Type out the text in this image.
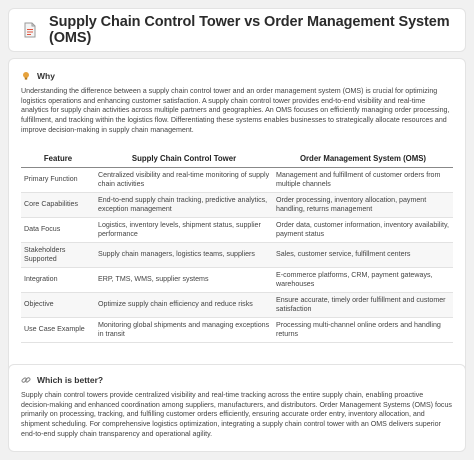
Supply Chain Control Tower vs Order Management System (OMS)
Why

Understanding the difference between a supply chain control tower and an order management system (OMS) is crucial for optimizing logistics operations and enhancing customer satisfaction. A supply chain control tower provides end-to-end visibility and real-time analytics for supply chain activities across multiple partners and geographies. An OMS focuses on efficiently managing order processing, fulfillment, and tracking within the logistics flow. Differentiating these systems enables businesses to strategically allocate resources and improve decision-making in supply chain management.

Feature	Supply Chain Control Tower	Order Management System (OMS)
Primary Function	Centralized visibility and real-time monitoring of supply chain activities	Management and fulfillment of customer orders from multiple channels
Core Capabilities	End-to-end supply chain tracking, predictive analytics, exception management	Order processing, inventory allocation, payment handling, returns management
Data Focus	Logistics, inventory levels, shipment status, supplier performance	Order data, customer information, inventory availability, payment status
Stakeholders Supported	Supply chain managers, logistics teams, suppliers	Sales, customer service, fulfillment centers
Integration	ERP, TMS, WMS, supplier systems	E-commerce platforms, CRM, payment gateways, warehouses
Objective	Optimize supply chain efficiency and reduce risks	Ensure accurate, timely order fulfillment and customer satisfaction
Use Case Example	Monitoring global shipments and managing exceptions in transit	Processing multi-channel online orders and handling returns
Which is better?

Supply chain control towers provide centralized visibility and real-time tracking across the entire supply chain, enabling proactive decision-making and enhanced coordination among suppliers, manufacturers, and distributors. Order Management Systems (OMS) focus primarily on processing, tracking, and fulfilling customer orders efficiently, ensuring accurate order entry, inventory allocation, and shipment scheduling. For comprehensive logistics optimization, integrating a supply chain control tower with an OMS delivers superior end-to-end supply chain transparency and operational agility.
